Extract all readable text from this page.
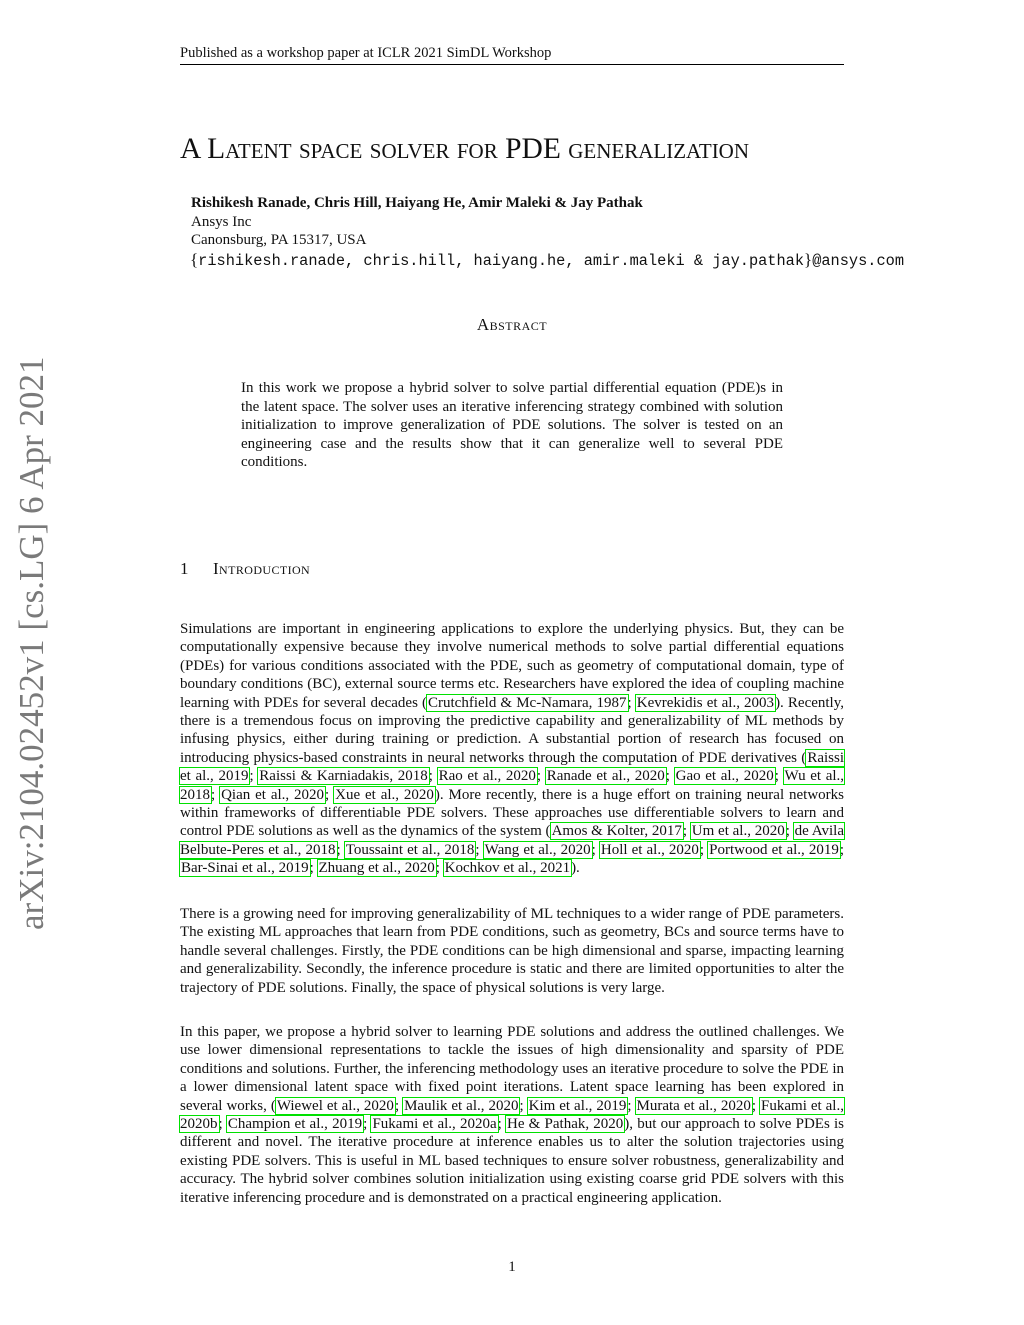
Published as a workshop paper at ICLR 2021 SimDL Workshop
arXiv:2104.02452v1 [cs.LG] 6 Apr 2021
A Latent space solver for PDE generalization
Rishikesh Ranade, Chris Hill, Haiyang He, Amir Maleki & Jay Pathak
Ansys Inc
Canonsburg, PA 15317, USA
{rishikesh.ranade, chris.hill, haiyang.he, amir.maleki & jay.pathak}@ansys.com
Abstract
In this work we propose a hybrid solver to solve partial differential equation (PDE)s in the latent space. The solver uses an iterative inferencing strategy combined with solution initialization to improve generalization of PDE solutions. The solver is tested on an engineering case and the results show that it can generalize well to several PDE conditions.
1 Introduction

Simulations are important in engineering applications to explore the underlying physics. But, they can be computationally expensive because they involve numerical methods to solve partial differential equations (PDEs) for various conditions associated with the PDE, such as geometry of computational domain, type of boundary conditions (BC), external source terms etc. Researchers have explored the idea of coupling machine learning with PDEs for several decades (Crutchfield & Mc-Namara, 1987; Kevrekidis et al., 2003). Recently, there is a tremendous focus on improving the predictive capability and generalizability of ML methods by infusing physics, either during training or prediction. A substantial portion of research has focused on introducing physics-based constraints in neural networks through the computation of PDE derivatives (Raissi et al., 2019; Raissi & Karniadakis, 2018; Rao et al., 2020; Ranade et al., 2020; Gao et al., 2020; Wu et al., 2018; Qian et al., 2020; Xue et al., 2020). More recently, there is a huge effort on training neural networks within frameworks of differentiable PDE solvers. These approaches use differentiable solvers to learn and control PDE solutions as well as the dynamics of the system (Amos & Kolter, 2017; Um et al., 2020; de Avila Belbute-Peres et al., 2018; Toussaint et al., 2018; Wang et al., 2020; Holl et al., 2020; Portwood et al., 2019; Bar-Sinai et al., 2019; Zhuang et al., 2020; Kochkov et al., 2021).

There is a growing need for improving generalizability of ML techniques to a wider range of PDE parameters. The existing ML approaches that learn from PDE conditions, such as geometry, BCs and source terms have to handle several challenges. Firstly, the PDE conditions can be high dimensional and sparse, impacting learning and generalizability. Secondly, the inference procedure is static and there are limited opportunities to alter the trajectory of PDE solutions. Finally, the space of physical solutions is very large.

In this paper, we propose a hybrid solver to learning PDE solutions and address the outlined challenges. We use lower dimensional representations to tackle the issues of high dimensionality and sparsity of PDE conditions and solutions. Further, the inferencing methodology uses an iterative procedure to solve the PDE in a lower dimensional latent space with fixed point iterations. Latent space learning has been explored in several works, (Wiewel et al., 2020; Maulik et al., 2020; Kim et al., 2019; Murata et al., 2020; Fukami et al., 2020b; Champion et al., 2019; Fukami et al., 2020a; He & Pathak, 2020), but our approach to solve PDEs is different and novel. The iterative procedure at inference enables us to alter the solution trajectories using existing PDE solvers. This is useful in ML based techniques to ensure solver robustness, generalizability and accuracy. The hybrid solver combines solution initialization using existing coarse grid PDE solvers with this iterative inferencing procedure and is demonstrated on a practical engineering application.

1
